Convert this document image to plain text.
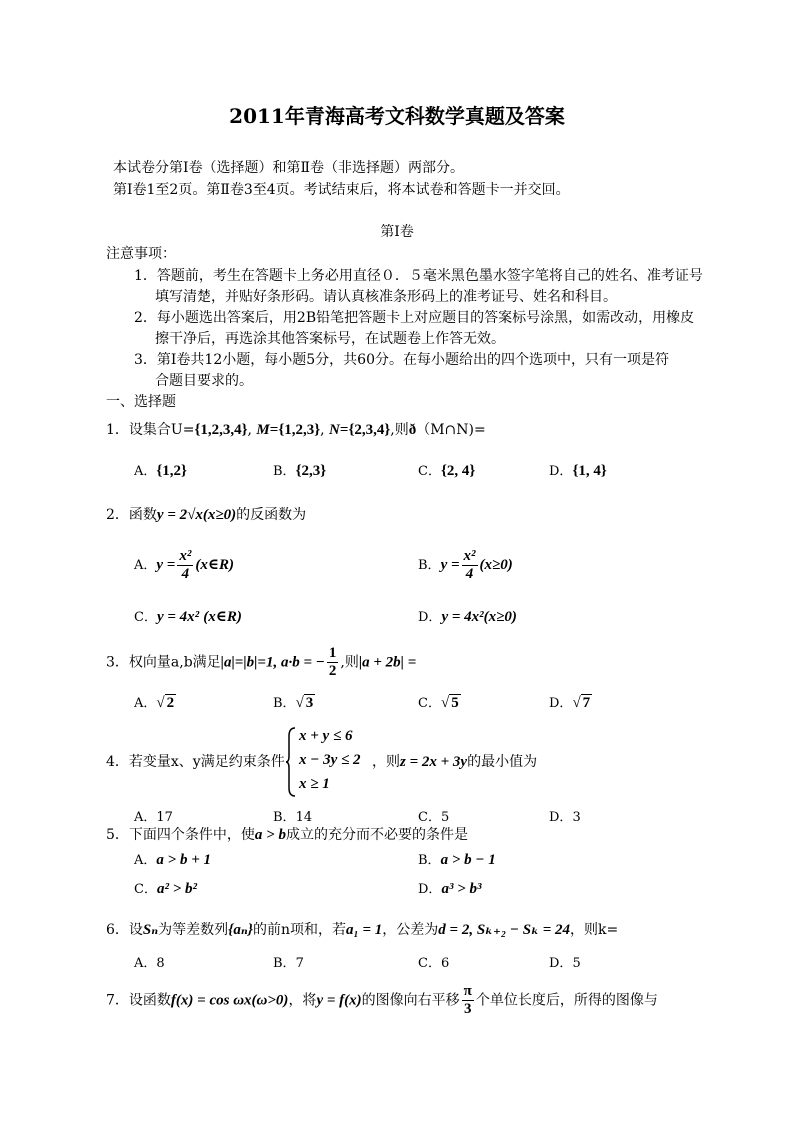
2011年青海高考文科数学真题及答案
本试卷分第Ⅰ卷（选择题）和第Ⅱ卷（非选择题）两部分。
第Ⅰ卷1至2页。第Ⅱ卷3至4页。考试结束后，将本试卷和答题卡一并交回。
第Ⅰ卷
注意事项：
1．答题前，考生在答题卡上务必用直径０．５毫米黑色墨水签字笔将自己的姓名、准考证号
填写清楚，并贴好条形码。请认真核准条形码上的准考证号、姓名和科目。
2．每小题选出答案后，用2B铅笔把答题卡上对应题目的答案标号涂黑，如需改动，用橡皮
擦干净后，再选涂其他答案标号，在试题卷上作答无效。
3．第Ⅰ卷共12小题，每小题5分，共60分。在每小题给出的四个选项中，只有一项是符
合题目要求的。
一、选择题
1．设集合U={1,2,3,4}, M={1,2,3}, N={2,3,4},则ð（M∩N)=
A．{1,2}	B．{2,3}	C．{2, 4}	D．{1, 4}
2．函数y = 2√x(x≥0)的反函数为
A．$y = \frac{\text{x²}}{4}$ (x∈R)	B．$y = \frac{\text{x²}}{4} (x\ge 0)$
C．y = 4x² (x∈R)	D．y = 4x²(x≥0)
3．权向量a,b满足|a|=|b|=1, a·b = − $\frac{1}{2}$ ,则|a + 2b| =
A．√ 2	B．√ 3	C．√ 5	D．√ 7
4．若变量x、y满足约束条件
x + y ≤ 6
x − 3y ≤ 2
x ≥ 1
，则z = 2x + 3y的最小值为
A．17	B．14	C．5	D．3
5．下面四个条件中，使a > b成立的充分而不必要的条件是
A．a > b + 1	B．a > b − 1
C．a² > b²	D．a³ > b³
6．设Sₙ为等差数列{aₙ}的前n项和，若a₁ = 1，公差为d = 2, Sₖ₊₂ − Sₖ = 24，则k=
A．8	B．7	C．6	D．5
7．设函数f(x) = cos ωx(ω>0)，将y = f(x)的图像向右平移 $\frac{\pi}{3}$ 个单位长度后，所得的图像与
